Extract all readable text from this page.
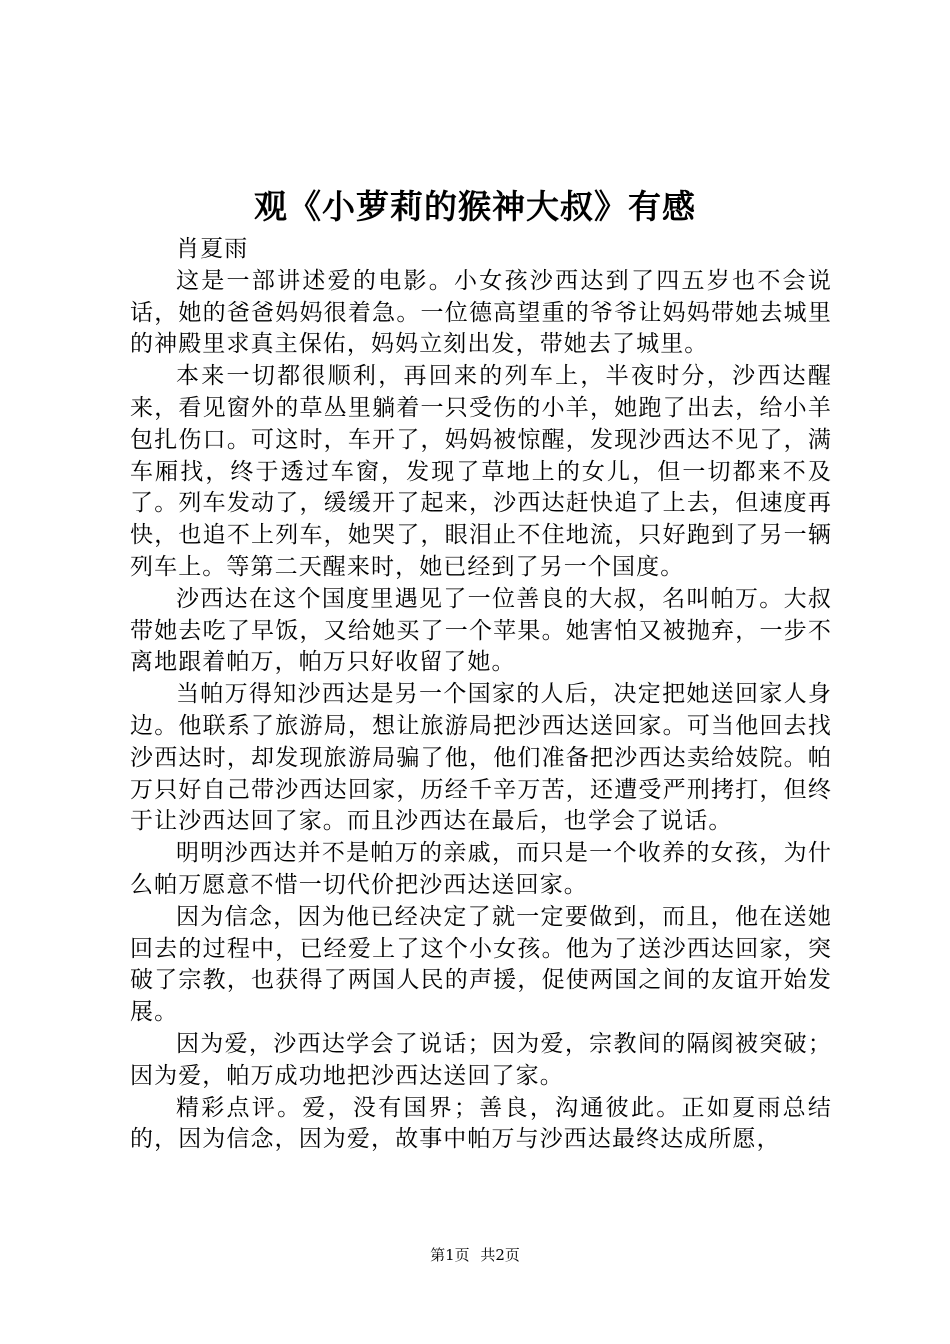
观《小萝莉的猴神大叔》有感

肖夏雨

这是一部讲述爱的电影。小女孩沙西达到了四五岁也不会说话，她的爸爸妈妈很着急。一位德高望重的爷爷让妈妈带她去城里的神殿里求真主保佑，妈妈立刻出发，带她去了城里。

本来一切都很顺利，再回来的列车上，半夜时分，沙西达醒来，看见窗外的草丛里躺着一只受伤的小羊，她跑了出去，给小羊包扎伤口。可这时，车开了，妈妈被惊醒，发现沙西达不见了，满车厢找，终于透过车窗，发现了草地上的女儿，但一切都来不及了。列车发动了，缓缓开了起来，沙西达赶快追了上去，但速度再快，也追不上列车，她哭了，眼泪止不住地流，只好跑到了另一辆列车上。等第二天醒来时，她已经到了另一个国度。

沙西达在这个国度里遇见了一位善良的大叔，名叫帕万。大叔带她去吃了早饭，又给她买了一个苹果。她害怕又被抛弃，一步不离地跟着帕万，帕万只好收留了她。

当帕万得知沙西达是另一个国家的人后，决定把她送回家人身边。他联系了旅游局，想让旅游局把沙西达送回家。可当他回去找沙西达时，却发现旅游局骗了他，他们准备把沙西达卖给妓院。帕万只好自己带沙西达回家，历经千辛万苦，还遭受严刑拷打，但终于让沙西达回了家。而且沙西达在最后，也学会了说话。

明明沙西达并不是帕万的亲戚，而只是一个收养的女孩，为什么帕万愿意不惜一切代价把沙西达送回家。

因为信念，因为他已经决定了就一定要做到，而且，他在送她回去的过程中，已经爱上了这个小女孩。他为了送沙西达回家，突破了宗教，也获得了两国人民的声援，促使两国之间的友谊开始发展。

因为爱，沙西达学会了说话；因为爱，宗教间的隔阂被突破；因为爱，帕万成功地把沙西达送回了家。

精彩点评。爱，没有国界；善良，沟通彼此。正如夏雨总结的，因为信念，因为爱，故事中帕万与沙西达最终达成所愿，

第1页 共2页
